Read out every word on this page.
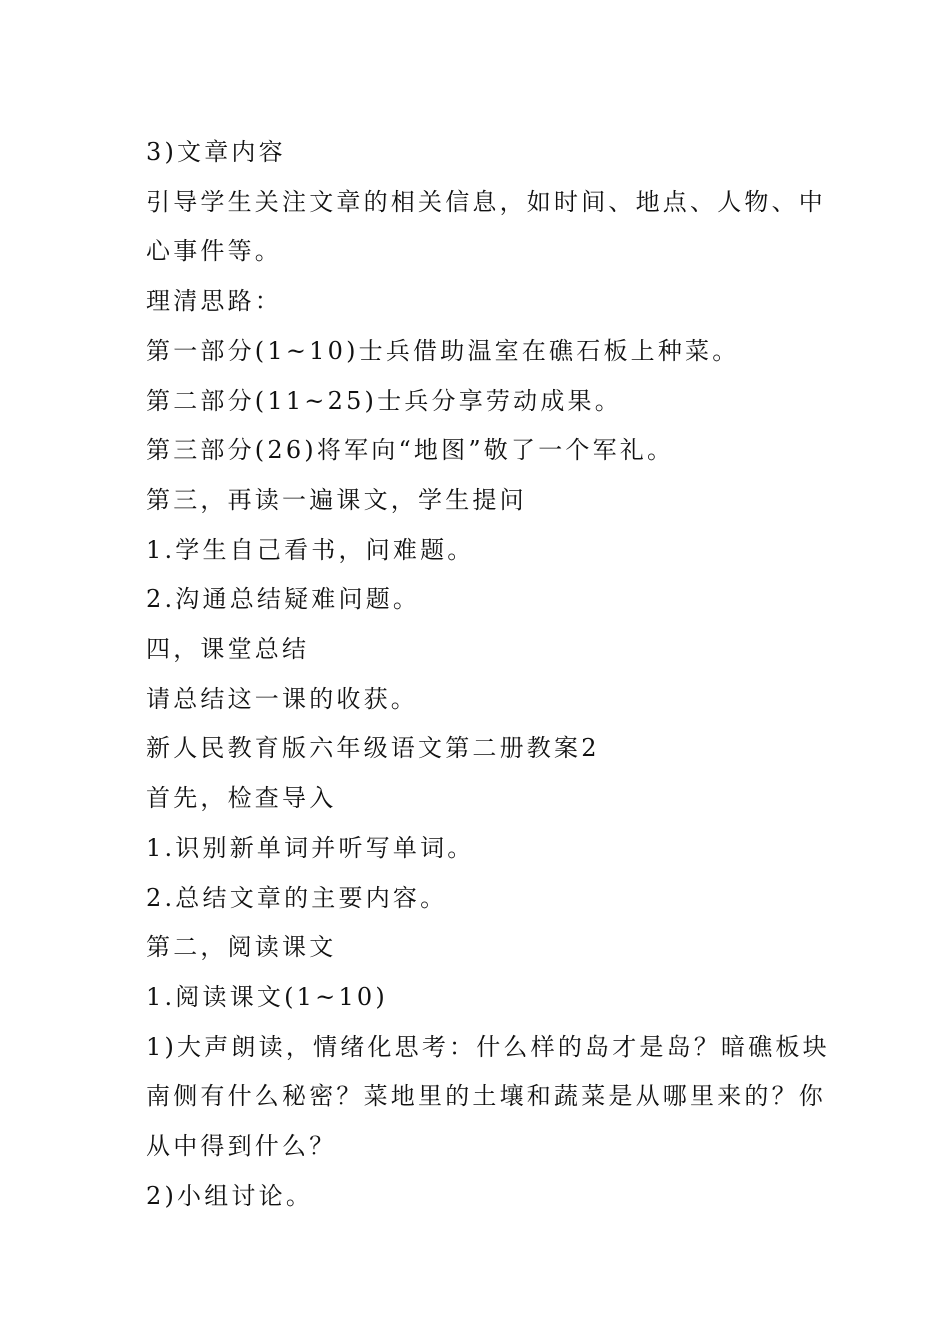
3)文章内容

引导学生关注文章的相关信息，如时间、地点、人物、中

心事件等。

理清思路：

第一部分(1~10)士兵借助温室在礁石板上种菜。

第二部分(11~25)士兵分享劳动成果。

第三部分(26)将军向“地图”敬了一个军礼。

第三，再读一遍课文，学生提问

1.学生自己看书，问难题。

2.沟通总结疑难问题。

四，课堂总结

请总结这一课的收获。

新人民教育版六年级语文第二册教案2

首先，检查导入

1.识别新单词并听写单词。

2.总结文章的主要内容。

第二，阅读课文

1.阅读课文(1~10)

1)大声朗读，情绪化思考：什么样的岛才是岛？暗礁板块

南侧有什么秘密？菜地里的土壤和蔬菜是从哪里来的？你

从中得到什么？

2)小组讨论。
